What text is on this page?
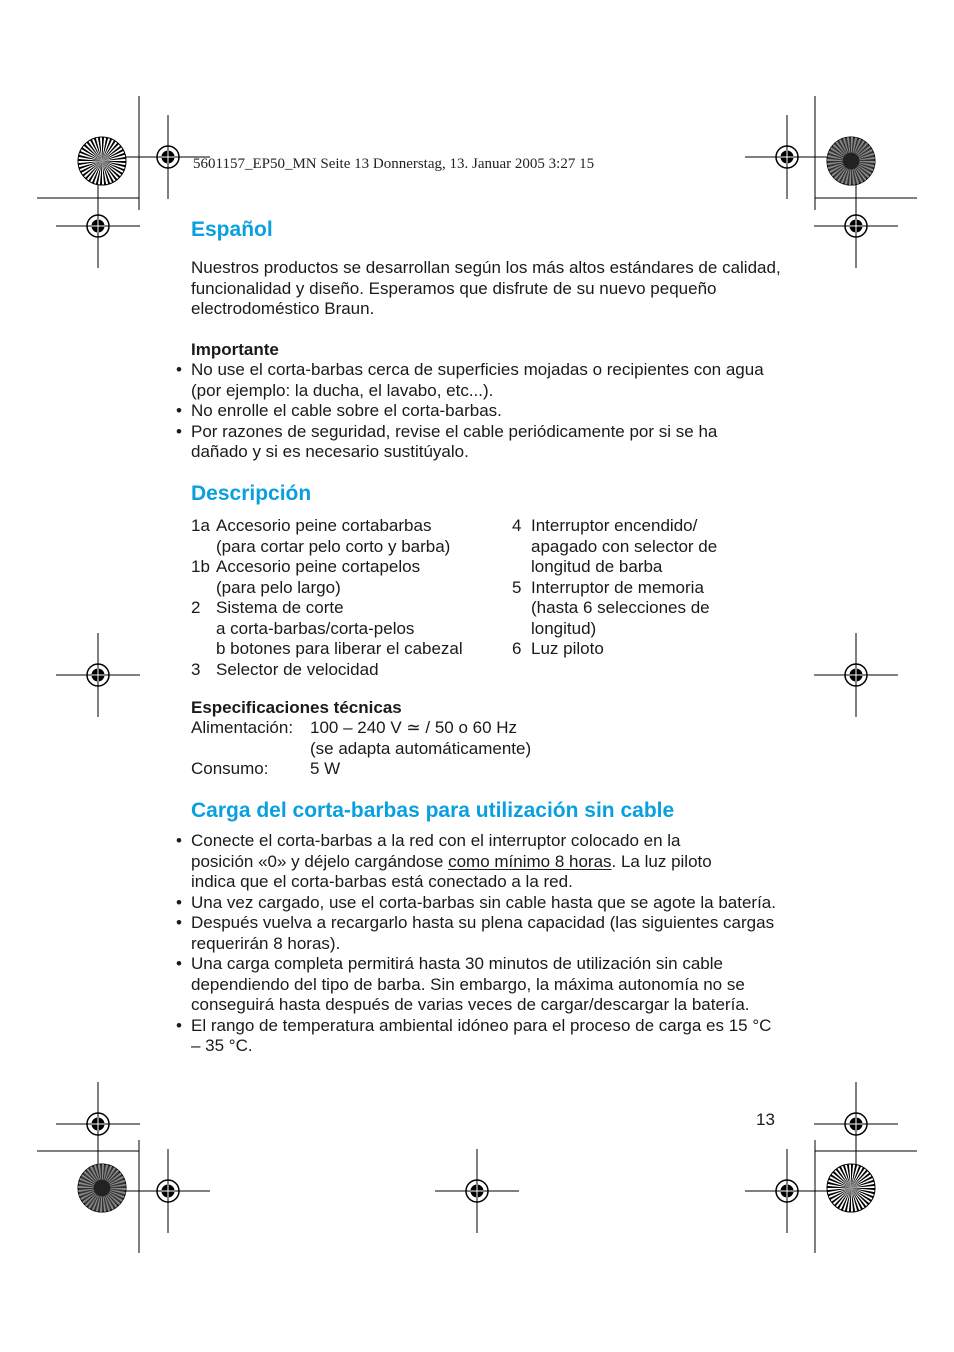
5601157_EP50_MN Seite 13 Donnerstag, 13. Januar 2005 3:27 15
Español

Nuestros productos se desarrollan según los más altos estándares de calidad, funcionalidad y diseño. Esperamos que disfrute de su nuevo pequeño electrodoméstico Braun.

Importante

• No use el corta-barbas cerca de superficies mojadas o recipientes con agua (por ejemplo: la ducha, el lavabo, etc...).
• No enrolle el cable sobre el corta-barbas.
• Por razones de seguridad, revise el cable periódicamente por si se ha dañado y si es necesario sustitúyalo.
Descripción
1a Accesorio peine cortabarbas
(para cortar pelo corto y barba)
1b Accesorio peine cortapelos
(para pelo largo)
2 Sistema de corte
a corta-barbas/corta-pelos
b botones para liberar el cabezal
3 Selector de velocidad
4 Interruptor encendido/
apagado con selector de
longitud de barba
5 Interruptor de memoria
(hasta 6 selecciones de
longitud)
6 Luz piloto

Especificaciones técnicas

Alimentación: 100 – 240 V ≃ / 50 o 60 Hz
(se adapta automáticamente)
Consumo: 5 W
Carga del corta-barbas para utilización sin cable
• Conecte el corta-barbas a la red con el interruptor colocado en la
posición «0» y déjelo cargándose como mínimo 8 horas. La luz piloto
indica que el corta-barbas está conectado a la red.
• Una vez cargado, use el corta-barbas sin cable hasta que se agote la batería.
• Después vuelva a recargarlo hasta su plena capacidad (las siguientes cargas requerirán 8 horas).
• Una carga completa permitirá hasta 30 minutos de utilización sin cable dependiendo del tipo de barba. Sin embargo, la máxima autonomía no se conseguirá hasta después de varias veces de cargar/descargar la batería.
• El rango de temperatura ambiental idóneo para el proceso de carga es 15 °C – 35 °C.
13
